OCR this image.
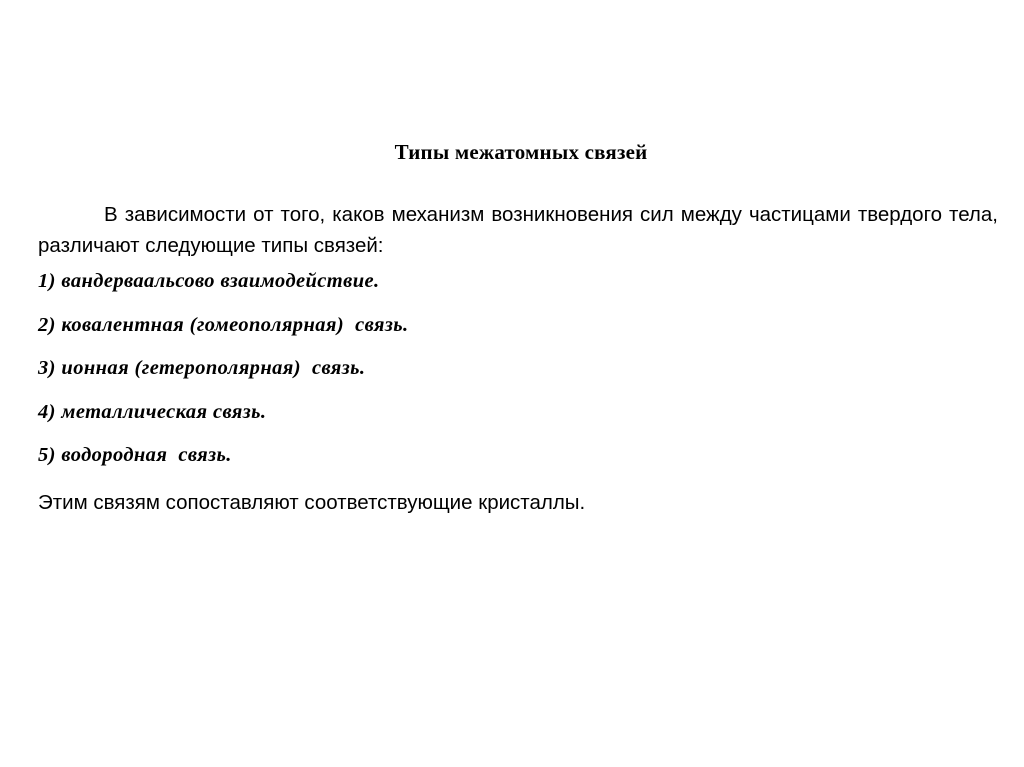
Типы межатомных связей

В зависимости от того, каков механизм возникновения сил между частицами твердого тела, различают следующие типы связей:

1) вандерваальсово взаимодействие.
2) ковалентная (гомеополярная)  связь.
3) ионная (гетерополярная)  связь.
4) металлическая связь.
5) водородная  связь.

Этим связям сопоставляют соответствующие кристаллы.
